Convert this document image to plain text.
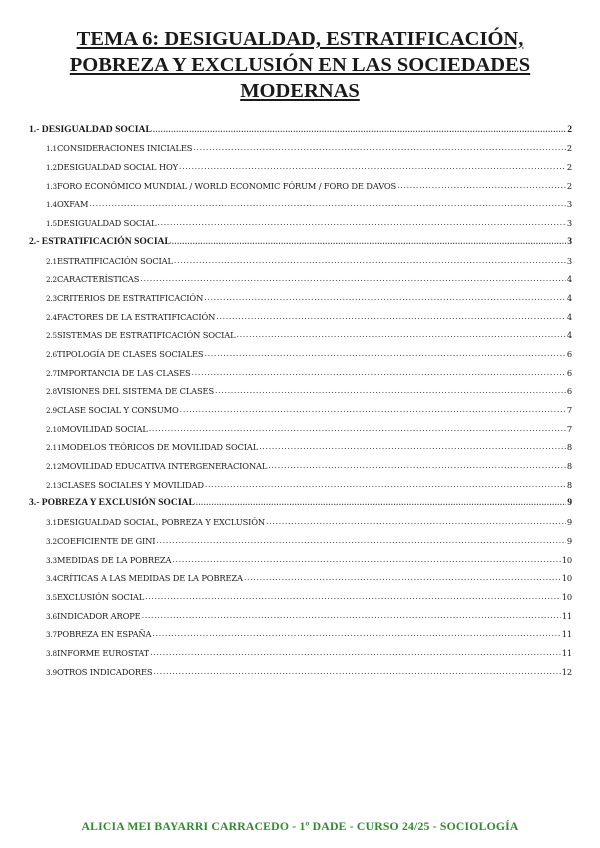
TEMA 6: DESIGUALDAD, ESTRATIFICACIÓN,
POBREZA Y EXCLUSIÓN EN LAS SOCIEDADES
MODERNAS
1.- DESIGUALDAD SOCIAL .....	2
1.1CONSIDERACIONES INICIALES .....	2
1.2DESIGUALDAD SOCIAL HOY .....	2
1.3FORO ECONÓMICO MUNDIAL / WORLD ECONOMIC FÓRUM / FORO DE DAVOS .....	2
1.4OXFAM .....	3
1.5DESIGUALDAD SOCIAL .....	3
2.- ESTRATIFICACIÓN SOCIAL .....	3
2.1ESTRATIFICACIÓN SOCIAL .....	3
2.2CARACTERÍSTICAS .....	4
2.3CRITERIOS DE ESTRATIFICACIÓN .....	4
2.4FACTORES DE LA ESTRATIFICACIÓN .....	4
2.5SISTEMAS DE ESTRATIFICACIÓN SOCIAL .....	4
2.6TIPOLOGÍA DE CLASES SOCIALES .....	6
2.7IMPORTANCIA DE LAS CLASES .....	6
2.8VISIONES DEL SISTEMA DE CLASES .....	6
2.9CLASE SOCIAL Y CONSUMO .....	7
2.10MOVILIDAD SOCIAL .....	7
2.11MODELOS TEÓRICOS DE MOVILIDAD SOCIAL .....	8
2.12MOVILIDAD EDUCATIVA INTERGENERACIONAL .....	8
2.13CLASES SOCIALES Y MOVILIDAD .....	8
3.- POBREZA Y EXCLUSIÓN SOCIAL .....	9
3.1DESIGUALDAD SOCIAL, POBREZA Y EXCLUSIÓN .....	9
3.2COEFICIENTE DE GINI .....	9
3.3MEDIDAS DE LA POBREZA .....	10
3.4CRÍTICAS A LAS MEDIDAS DE LA POBREZA .....	10
3.5EXCLUSIÓN SOCIAL .....	10
3.6INDICADOR AROPE .....	11
3.7POBREZA EN ESPAÑA .....	11
3.8INFORME EUROSTAT .....	11
3.9OTROS INDICADORES .....	12
ALICIA MEI BAYARRI CARRACEDO - 1º DADE - CURSO 24/25 - SOCIOLOGÍA
